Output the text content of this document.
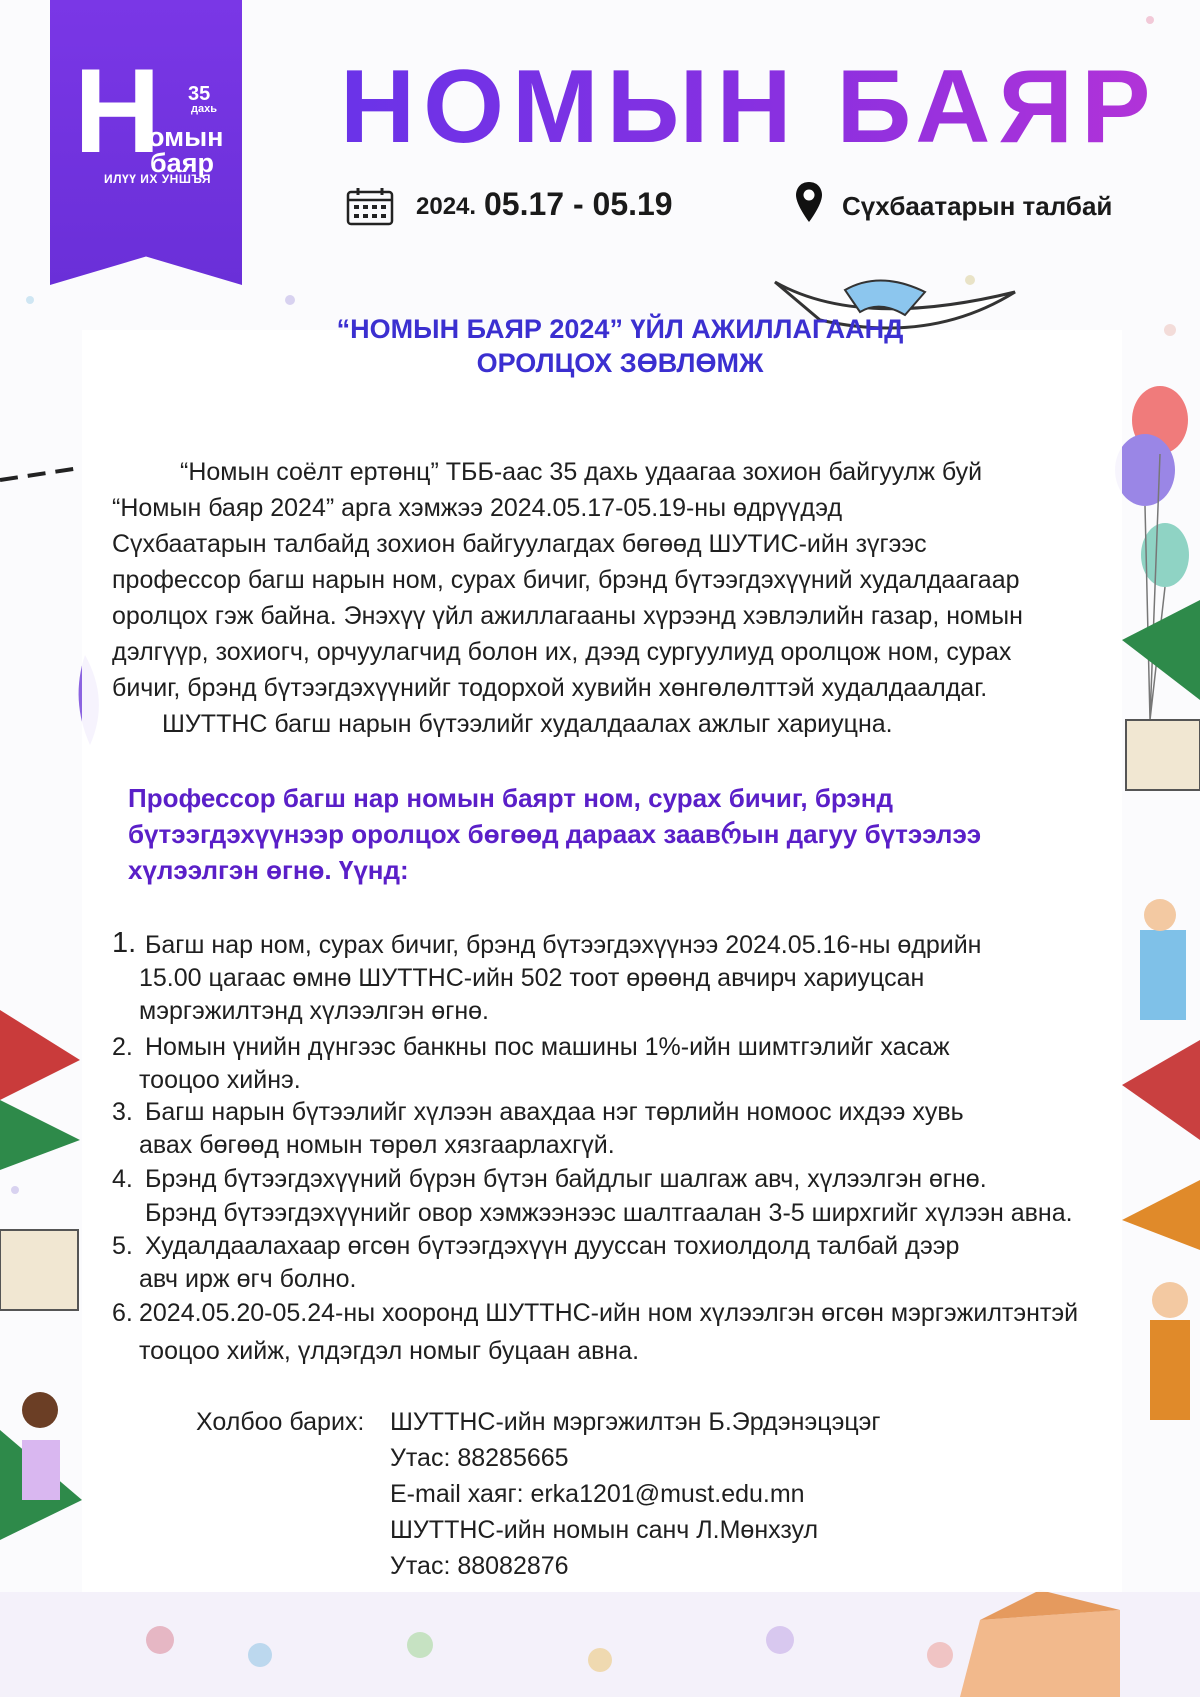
Н 35
дахь
омын
баяр
ИЛҮҮ ИХ УНШЪЯ
НОМЫН БАЯР
2024. 05.17 - 05.19	Сүхбаатарын талбай
“НОМЫН БАЯР 2024” ҮЙЛ АЖИЛЛАГААНД
ОРОЛЦОХ ЗӨВЛӨМЖ
“Номын соёлт ертөнц” ТББ-аас 35 дахь удаагаа зохион байгуулж буй
“Номын баяр 2024” арга хэмжээ 2024.05.17-05.19-ны өдрүүдэд
Сүхбаатарын талбайд зохион байгуулагдах бөгөөд ШУТИС-ийн зүгээс
профессор багш нарын ном, сурах бичиг, брэнд бүтээгдэхүүний худалдаагаар
оролцох гэж байна. Энэхүү үйл ажиллагааны хүрээнд хэвлэлийн газар, номын
дэлгүүр, зохиогч, орчуулагчид болон их, дээд сургуулиуд оролцож ном, сурах
бичиг, брэнд бүтээгдэхүүнийг тодорхой хувийн хөнгөлөлттэй худалдаалдаг.
ШУТТНС багш нарын бүтээлийг худалдаалах ажлыг хариуцна.
Профессор багш нар номын баярт ном, сурах бичиг, брэнд
бүтээгдэхүүнээр оролцох бөгөөд дараах заавრын дагуу бүтээлээ
хүлээлгэн өгнө. Үүнд:
1. Багш нар ном, сурах бичиг, брэнд бүтээгдэхүүнээ 2024.05.16-ны өдрийн
15.00 цагаас өмнө ШУТТНС-ийн 502 тоот өрөөнд авчирч хариуцсан
мэргэжилтэнд хүлээлгэн өгнө.
2. Номын үнийн дүнгээс банкны пос машины 1%-ийн шимтгэлийг хасаж
тооцоо хийнэ.
3. Багш нарын бүтээлийг хүлээн авахдаа нэг төрлийн номоос ихдээ хувь
авах бөгөөд номын төрөл хязгаарлахгүй.
4. Брэнд бүтээгдэхүүний бүрэн бүтэн байдлыг шалгаж авч, хүлээлгэн өгнө.
Брэнд бүтээгдэхүүнийг овор хэмжээнээс шалтгаалан 3-5 ширхгийг хүлээн авна.
5. Худалдаалахаар өгсөн бүтээгдэхүүн дууссан тохиолдолд талбай дээр
авч ирж өгч болно.
6. 2024.05.20-05.24-ны хооронд ШУТТНС-ийн ном хүлээлгэн өгсөн мэргэжилтэнтэй
тооцоо хийж, үлдэгдэл номыг буцаан авна.
Холбоо барих: ШУТТНС-ийн мэргэжилтэн Б.Эрдэнэцэцэг
Утас: 88285665
E-mail хаяг: erka1201@must.edu.mn
ШУТТНС-ийн номын санч Л.Мөнхзул
Утас: 88082876
